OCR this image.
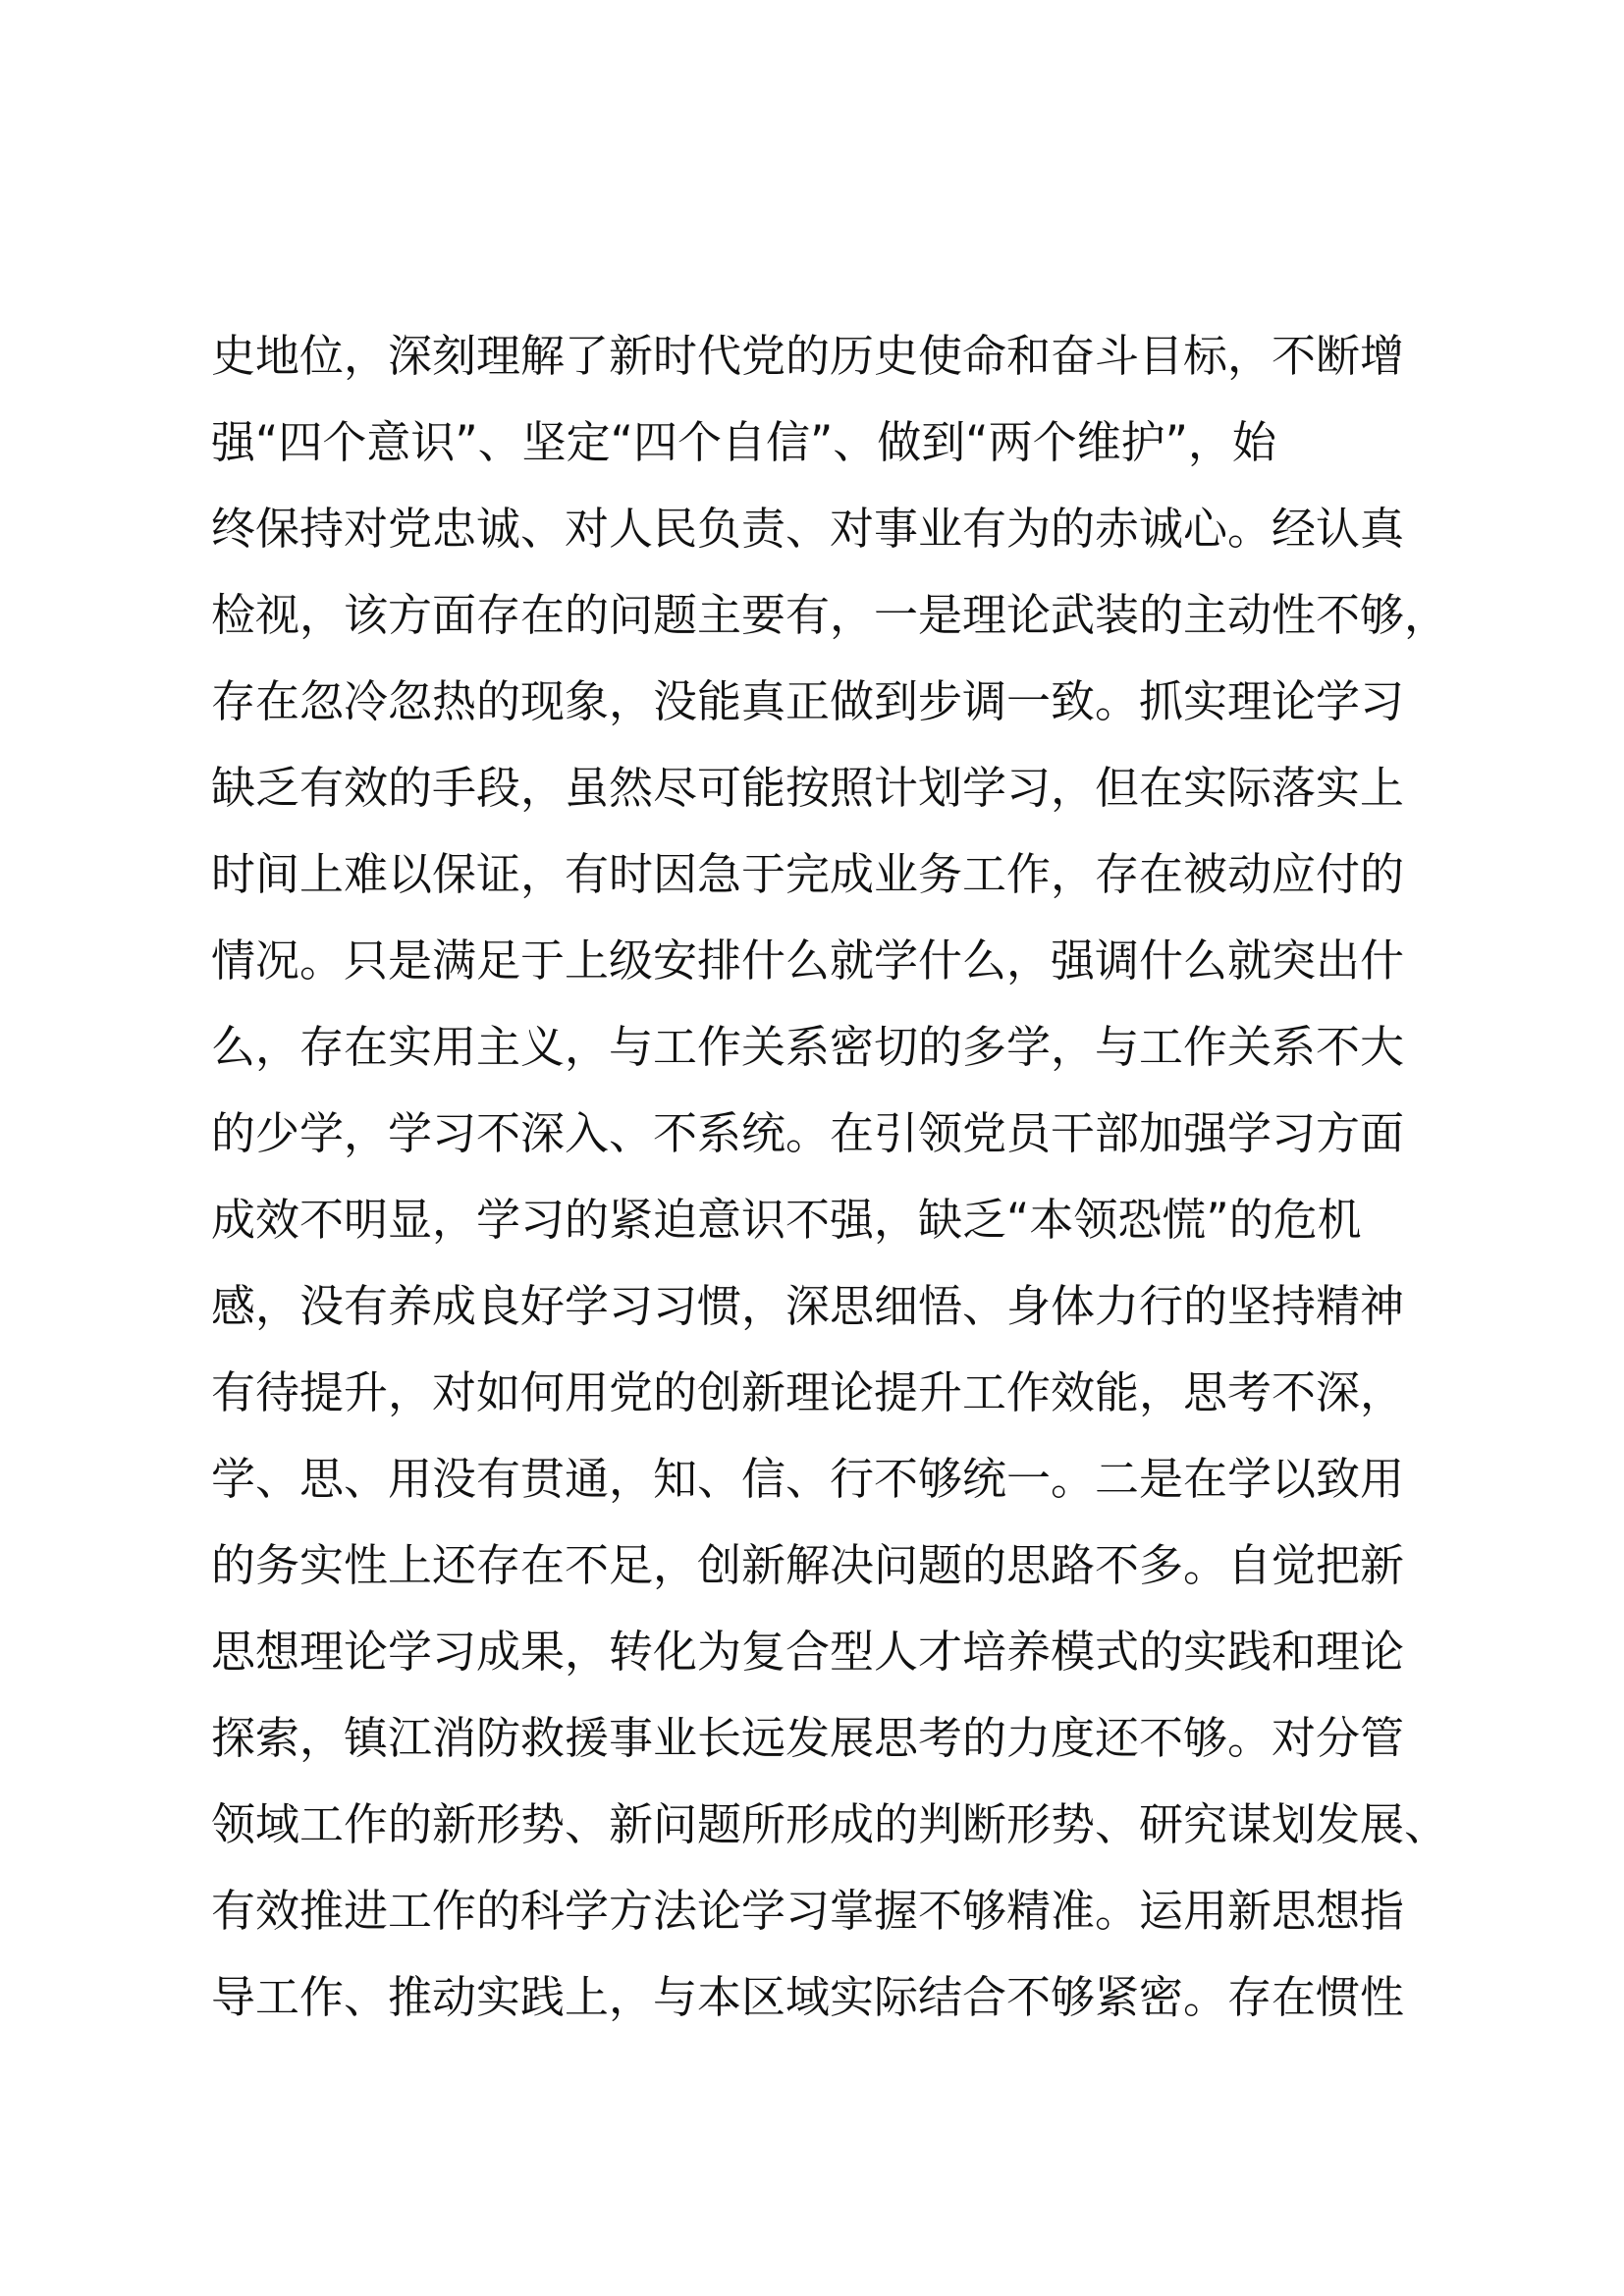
史地位，深刻理解了新时代党的历史使命和奋斗目标，不断增
强“四个意识”、坚定“四个自信”、做到“两个维护”，始
终保持对党忠诚、对人民负责、对事业有为的赤诚心。经认真
检视，该方面存在的问题主要有，一是理论武装的主动性不够，
存在忽冷忽热的现象，没能真正做到步调一致。抓实理论学习
缺乏有效的手段，虽然尽可能按照计划学习，但在实际落实上
时间上难以保证，有时因急于完成业务工作，存在被动应付的
情况。只是满足于上级安排什么就学什么，强调什么就突出什
么，存在实用主义，与工作关系密切的多学，与工作关系不大
的少学，学习不深入、不系统。在引领党员干部加强学习方面
成效不明显，学习的紧迫意识不强，缺乏“本领恐慌”的危机
感，没有养成良好学习习惯，深思细悟、身体力行的坚持精神
有待提升，对如何用党的创新理论提升工作效能，思考不深，
学、思、用没有贯通，知、信、行不够统一。二是在学以致用
的务实性上还存在不足，创新解决问题的思路不多。自觉把新
思想理论学习成果，转化为复合型人才培养模式的实践和理论
探索，镇江消防救援事业长远发展思考的力度还不够。对分管
领域工作的新形势、新问题所形成的判断形势、研究谋划发展、
有效推进工作的科学方法论学习掌握不够精准。运用新思想指
导工作、推动实践上，与本区域实际结合不够紧密。存在惯性
